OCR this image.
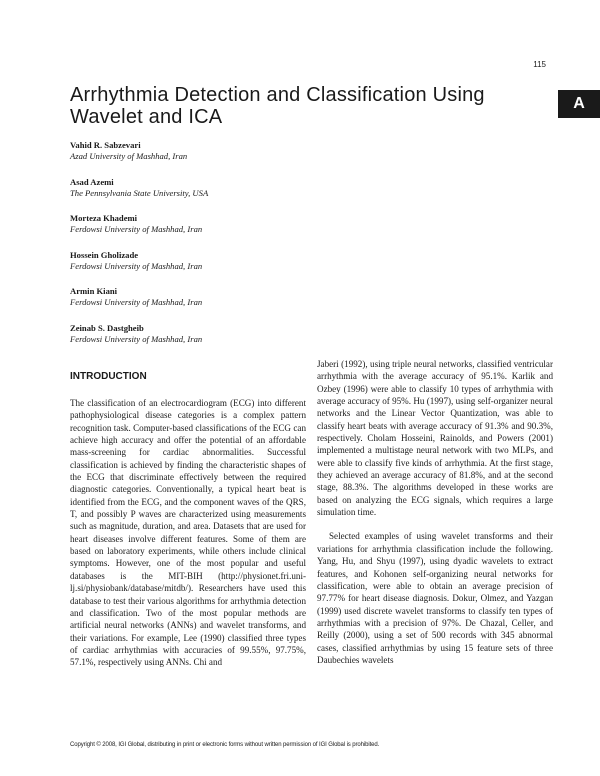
115
A
Arrhythmia Detection and Classification Using Wavelet and ICA
Vahid R. Sabzevari
Azad University of Mashhad, Iran
Asad Azemi
The Pennsylvania State University, USA
Morteza Khademi
Ferdowsi University of Mashhad, Iran
Hossein Gholizade
Ferdowsi University of Mashhad, Iran
Armin Kiani
Ferdowsi University of Mashhad, Iran
Zeinab S. Dastgheib
Ferdowsi University of Mashhad, Iran
INTRODUCTION

The classification of an electrocardiogram (ECG) into different pathophysiological disease categories is a complex pattern recognition task. Computer-based classifications of the ECG can achieve high accuracy and offer the potential of an affordable mass-screening for cardiac abnormalities. Successful classification is achieved by finding the characteristic shapes of the ECG that discriminate effectively between the required diagnostic categories. Conventionally, a typical heart beat is identified from the ECG, and the component waves of the QRS, T, and possibly P waves are characterized using measurements such as magnitude, duration, and area. Datasets that are used for heart diseases involve different features. Some of them are based on laboratory experiments, while others include clinical symptoms. However, one of the most popular and useful databases is the MIT-BIH (http://physionet.fri.uni-lj.si/physiobank/database/mitdb/). Researchers have used this database to test their various algorithms for arrhythmia detection and classification. Two of the most popular methods are artificial neural networks (ANNs) and wavelet transforms, and their variations. For example, Lee (1990) classified three types of cardiac arrhythmias with accuracies of 99.55%, 97.75%, 57.1%, respectively using ANNs. Chi and

Jaberi (1992), using triple neural networks, classified ventricular arrhythmia with the average accuracy of 95.1%. Karlik and Ozbey (1996) were able to classify 10 types of arrhythmia with average accuracy of 95%. Hu (1997), using self-organizer neural networks and the Linear Vector Quantization, was able to classify heart beats with average accuracy of 91.3% and 90.3%, respectively. Cholam Hosseini, Rainolds, and Powers (2001) implemented a multistage neural network with two MLPs, and were able to classify five kinds of arrhythmia. At the first stage, they achieved an average accuracy of 81.8%, and at the second stage, 88.3%. The algorithms developed in these works are based on analyzing the ECG signals, which requires a large simulation time.

Selected examples of using wavelet transforms and their variations for arrhythmia classification include the following. Yang, Hu, and Shyu (1997), using dyadic wavelets to extract features, and Kohonen self-organizing neural networks for classification, were able to obtain an average precision of 97.77% for heart disease diagnosis. Dokur, Olmez, and Yazgan (1999) used discrete wavelet transforms to classify ten types of arrhythmias with a precision of 97%. De Chazal, Celler, and Reilly (2000), using a set of 500 records with 345 abnormal cases, classified arrhythmias by using 15 feature sets of three Daubechies wavelets

Copyright © 2008, IGI Global, distributing in print or electronic forms without written permission of IGI Global is prohibited.
